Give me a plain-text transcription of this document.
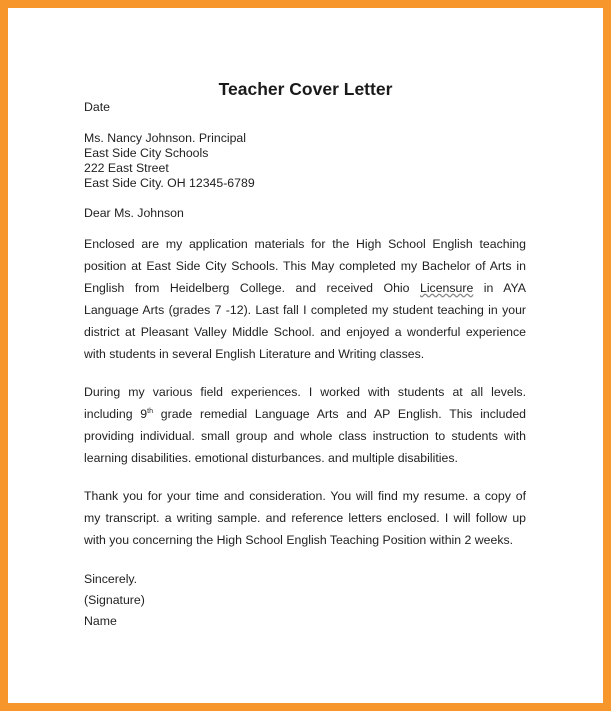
Teacher Cover Letter
Date
Ms. Nancy Johnson. Principal
East Side City Schools
222 East Street
East Side City. OH 12345-6789
Dear Ms. Johnson
Enclosed are my application materials for the High School English teaching
position at East Side City Schools. This May completed my Bachelor of Arts in
English from Heidelberg College. and received Ohio Licensure in AYA
Language Arts (grades 7 -12). Last fall I completed my student teaching in your
district at Pleasant Valley Middle School. and enjoyed a wonderful experience
with students in several English Literature and Writing classes.
During my various field experiences. I worked with students at all levels.
including 9th grade remedial Language Arts and AP English. This included
providing individual. small group and whole class instruction to students with
learning disabilities. emotional disturbances. and multiple disabilities.
Thank you for your time and consideration. You will find my resume. a copy of
my transcript. a writing sample. and reference letters enclosed. I will follow up
with you concerning the High School English Teaching Position within 2 weeks.
Sincerely.
(Signature)
Name
